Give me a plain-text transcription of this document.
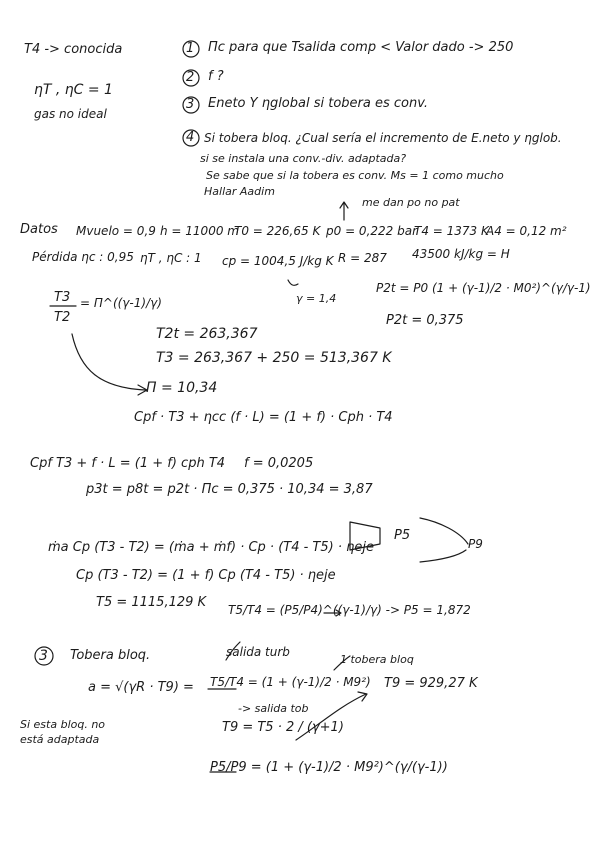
T4 -> conocida
ηT , ηC = 1
gas no ideal
1 Πc para que Tsalida comp < Valor dado -> 250
2 f ?
3 Eneto Y ηglobal si tobera es conv.
4 Si tobera bloq. ¿Cual sería el incremento de E.neto y ηglob.
si se instala una conv.-div. adaptada?
Se sabe que si la tobera es conv. Ms = 1 como mucho
Hallar Aadim
me dan po no pat
Datos Mvuelo = 0,9 h = 11000 m
T0 = 226,65 K p0 = 0,222 bar
T4 = 1373 K
A4 = 0,12 m²
Pérdida ηc : 0,95 ηT , ηC : 1 cp = 1004,5 J/kg K R = 287 43500 kJ/kg = H
T3
T2
= Π^((γ-1)/γ)	γ = 1,4
P2t = P0 (1 + (γ-1)/2 · M0²)^(γ/γ-1)
P2t = 0,375
T2t = 263,367
T3 = 263,367 + 250 = 513,367 K
Π = 10,34
Cpf · T3 + ηcc (f · L) = (1 + f) · Cph · T4
Cpf T3 + f · L = (1 + f) cph T4 f = 0,0205
p3t = p8t = p2t · Πc = 0,375 · 10,34 = 3,87
ṁa Cp (T3 - T2) = (ṁa + ṁf) · Cp · (T4 - T5) · ηeje
Cp (T3 - T2) = (1 + f) Cp (T4 - T5) · ηeje
T5 = 1115,129 K T5/T4 = (P5/P4)^((γ-1)/γ) -> P5 = 1,872
P5
P9
salida turb
1 tobera bloq
3 Tobera bloq.
a = √(γR · T9) = T5/T4 = (1 + (γ-1)/2 · M9²)
-> salida tob
T9 = 929,27 K
Si esta bloq. no está adaptada
T9 = T5 · 2 / (γ+1)
P5/P9 = (1 + (γ-1)/2 · M9²)^(γ/(γ-1))
